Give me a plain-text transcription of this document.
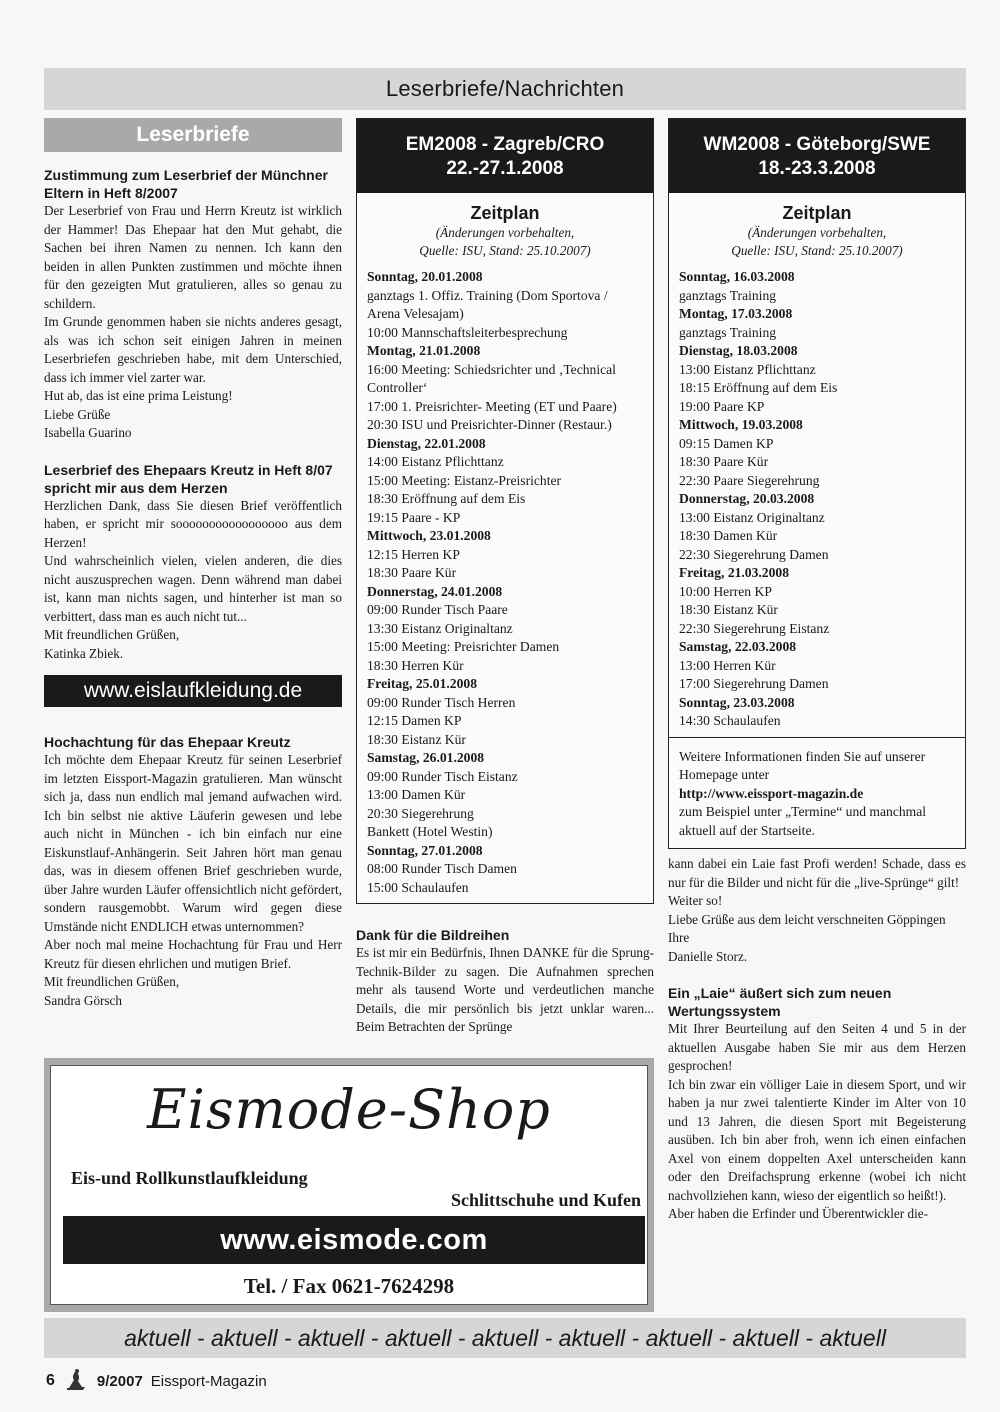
Leserbriefe/Nachrichten
Leserbriefe
Zustimmung zum Leserbrief der Münchner Eltern in Heft 8/2007

Der Leserbrief von Frau und Herrn Kreutz ist wirklich der Hammer! Das Ehepaar hat den Mut gehabt, die Sachen bei ihren Namen zu nennen. Ich kann den beiden in allen Punkten zustimmen und möchte ihnen für den gezeigten Mut gratulieren, alles so genau zu schildern.

Im Grunde genommen haben sie nichts anderes gesagt, als was ich schon seit einigen Jahren in meinen Leserbriefen geschrieben habe, mit dem Unterschied, dass ich immer viel zarter war.

Hut ab, das ist eine prima Leistung!

Liebe Grüße

Isabella Guarino

Leserbrief des Ehepaars Kreutz in Heft 8/07 spricht mir aus dem Herzen

Herzlichen Dank, dass Sie diesen Brief veröffentlich haben, er spricht mir sooooooooooooooooo aus dem Herzen!

Und wahrscheinlich vielen, vielen anderen, die dies nicht auszusprechen wagen. Denn während man dabei ist, kann man nichts sagen, und hinterher ist man so verbittert, dass man es auch nicht tut...

Mit freundlichen Grüßen,

Katinka Zbiek.

www.eislaufkleidung.de
Hochachtung für das Ehepaar Kreutz

Ich möchte dem Ehepaar Kreutz für seinen Leserbrief im letzten Eissport-Magazin gratulieren. Man wünscht sich ja, dass nun endlich mal jemand aufwachen wird. Ich bin selbst nie aktive Läuferin gewesen und lebe auch nicht in München - ich bin einfach nur eine Eiskunstlauf-Anhängerin. Seit Jahren hört man genau das, was in diesem offenen Brief geschrieben wurde, über Jahre wurden Läufer offensichtlich nicht gefördert, sondern rausgemobbt. Warum wird gegen diese Umstände nicht ENDLICH etwas unternommen?

Aber noch mal meine Hochachtung für Frau und Herr Kreutz für diesen ehrlichen und mutigen Brief.

Mit freundlichen Grüßen,

Sandra Görsch

EM2008 - Zagreb/CRO
22.-27.1.2008
Zeitplan
(Änderungen vorbehalten,
Quelle: ISU, Stand: 25.10.2007)
Sonntag, 20.01.2008
ganztags 1. Offiz. Training (Dom Sportova / Arena Velesajam)
10:00 Mannschaftsleiterbesprechung
Montag, 21.01.2008
16:00 Meeting: Schiedsrichter und ‚Technical Controller‘
17:00 1. Preisrichter- Meeting (ET und Paare)
20:30 ISU und Preisrichter-Dinner (Restaur.)
Dienstag, 22.01.2008
14:00 Eistanz Pflichttanz
15:00 Meeting: Eistanz-Preisrichter
18:30 Eröffnung auf dem Eis
19:15 Paare - KP
Mittwoch, 23.01.2008
12:15 Herren KP
18:30 Paare Kür
Donnerstag, 24.01.2008
09:00 Runder Tisch Paare
13:30 Eistanz Originaltanz
15:00 Meeting: Preisrichter Damen
18:30 Herren Kür
Freitag, 25.01.2008
09:00 Runder Tisch Herren
12:15 Damen KP
18:30 Eistanz Kür
Samstag, 26.01.2008
09:00 Runder Tisch Eistanz
13:00 Damen Kür
20:30 Siegerehrung
Bankett (Hotel Westin)
Sonntag, 27.01.2008
08:00 Runder Tisch Damen
15:00 Schaulaufen
Dank für die Bildreihen

Es ist mir ein Bedürfnis, Ihnen DANKE für die Sprung-Technik-Bilder zu sagen. Die Aufnahmen sprechen mehr als tausend Worte und verdeutlichen manche Details, die mir persönlich bis jetzt unklar waren... Beim Betrachten der Sprünge

WM2008 - Göteborg/SWE
18.-23.3.2008
Zeitplan
(Änderungen vorbehalten,
Quelle: ISU, Stand: 25.10.2007)
Sonntag, 16.03.2008
ganztags Training
Montag, 17.03.2008
ganztags Training
Dienstag, 18.03.2008
13:00 Eistanz Pflichttanz
18:15 Eröffnung auf dem Eis
19:00 Paare KP
Mittwoch, 19.03.2008
09:15 Damen KP
18:30 Paare Kür
22:30 Paare Siegerehrung
Donnerstag, 20.03.2008
13:00 Eistanz Originaltanz
18:30 Damen Kür
22:30 Siegerehrung Damen
Freitag, 21.03.2008
10:00 Herren KP
18:30 Eistanz Kür
22:30 Siegerehrung Eistanz
Samstag, 22.03.2008
13:00 Herren Kür
17:00 Siegerehrung Damen
Sonntag, 23.03.2008
14:30 Schaulaufen
Weitere Informationen finden Sie auf unserer Homepage unter
http://www.eissport-magazin.de
zum Beispiel unter „Termine“ und manchmal aktuell auf der Startseite.

kann dabei ein Laie fast Profi werden! Schade, dass es nur für die Bilder und nicht für die „live-Sprünge“ gilt!

Weiter so!

Liebe Grüße aus dem leicht verschneiten Göppingen

Ihre

Danielle Storz.

Ein „Laie“ äußert sich zum neuen Wertungssystem

Mit Ihrer Beurteilung auf den Seiten 4 und 5 in der aktuellen Ausgabe haben Sie mir aus dem Herzen gesprochen!

Ich bin zwar ein völliger Laie in diesem Sport, und wir haben ja nur zwei talentierte Kinder im Alter von 10 und 13 Jahren, die diesen Sport mit Begeisterung ausüben. Ich bin aber froh, wenn ich einen einfachen Axel von einem doppelten Axel unterscheiden kann oder den Dreifachsprung erkenne (wobei ich nicht nachvollziehen kann, wieso der eigentlich so heißt!).

Aber haben die Erfinder und Überentwickler die-

Eismode-Shop
Eis-und Rollkunstlaufkleidung
Schlittschuhe und Kufen
www.eismode.com
Tel. / Fax 0621-7624298
aktuell - aktuell - aktuell - aktuell - aktuell - aktuell - aktuell - aktuell - aktuell
6	9/2007 Eissport-Magazin
